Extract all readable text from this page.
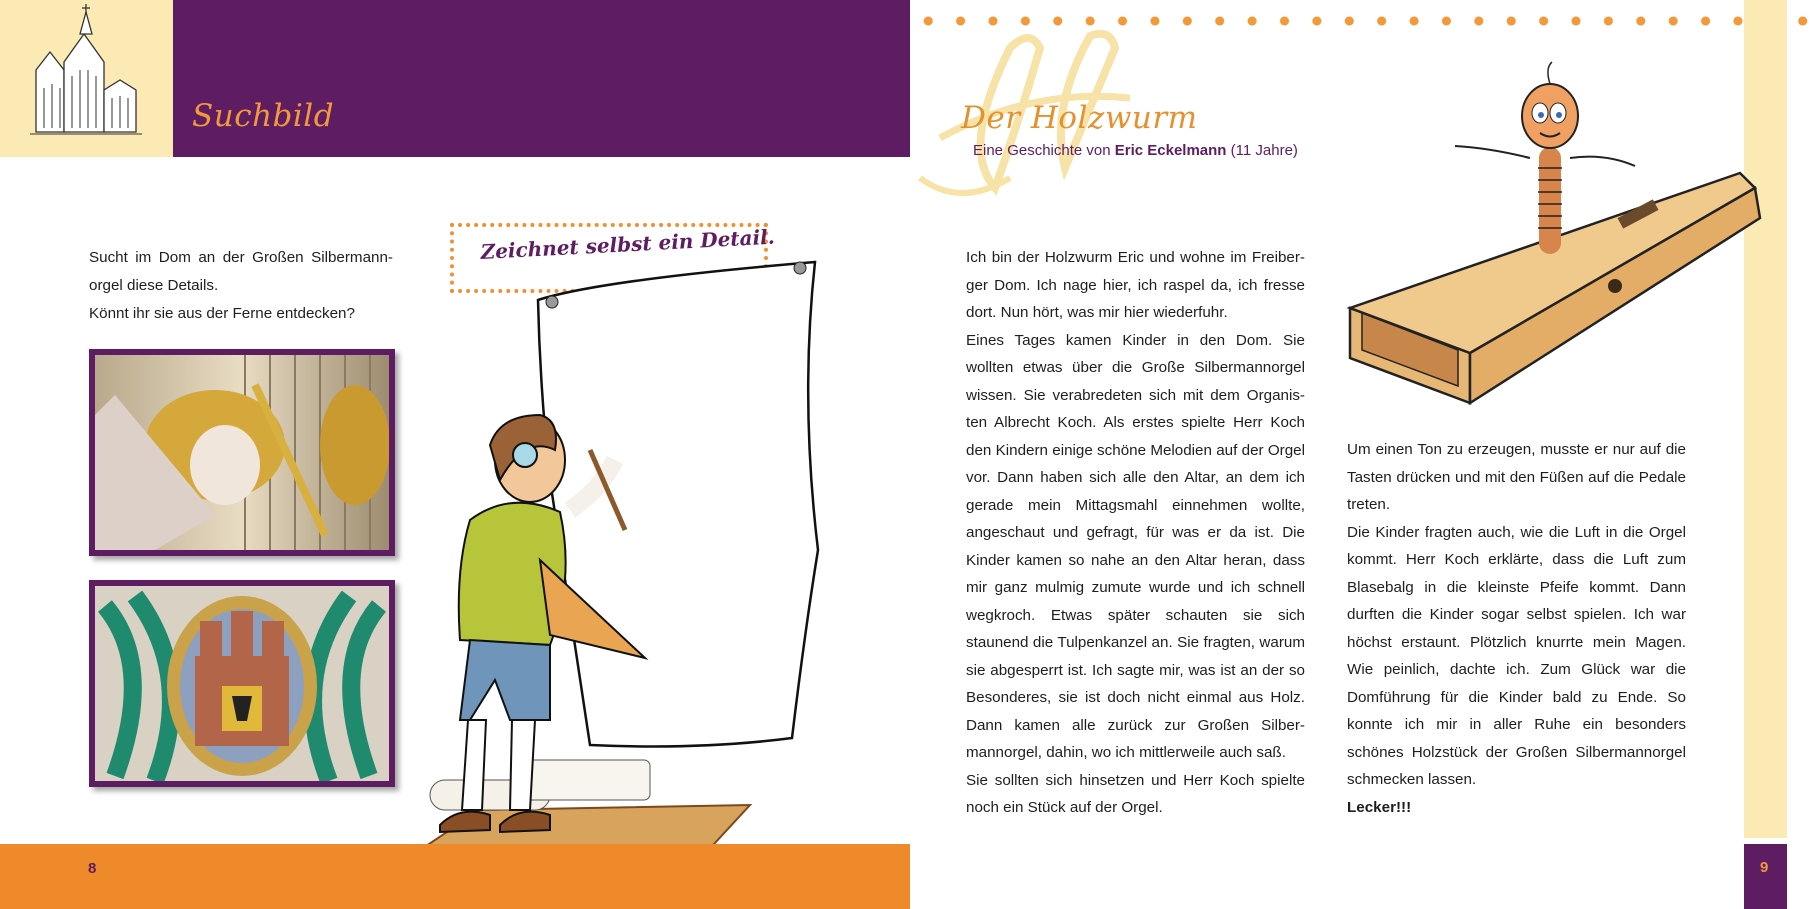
Suchbild

Sucht im Dom an der Großen Silbermann-orgel diese Details.

Könnt ihr sie aus der Ferne entdecken?

Zeichnet selbst ein Detail.
8
Der Holzwurm
Eine Geschichte von Eric Eckelmann (11 Jahre)

Ich bin der Holzwurm Eric und wohne im Freiber-ger Dom. Ich nage hier, ich raspel da, ich fresse dort. Nun hört, was mir hier wiederfuhr.

Eines Tages kamen Kinder in den Dom. Sie wollten etwas über die Große Silbermannorgel wissen. Sie verabredeten sich mit dem Organis-ten Albrecht Koch. Als erstes spielte Herr Koch den Kindern einige schöne Melodien auf der Orgel vor. Dann haben sich alle den Altar, an dem ich gerade mein Mittagsmahl einnehmen wollte, angeschaut und gefragt, für was er da ist. Die Kinder kamen so nahe an den Altar heran, dass mir ganz mulmig zumute wurde und ich schnell wegkroch. Etwas später schauten sie sich staunend die Tulpenkanzel an. Sie fragten, warum sie abgesperrt ist. Ich sagte mir, was ist an der so Besonderes, sie ist doch nicht einmal aus Holz. Dann kamen alle zurück zur Großen Silber-mannorgel, dahin, wo ich mittlerweile auch saß.

Sie sollten sich hinsetzen und Herr Koch spielte noch ein Stück auf der Orgel.

Um einen Ton zu erzeugen, musste er nur auf die Tasten drücken und mit den Füßen auf die Pedale treten.

Die Kinder fragten auch, wie die Luft in die Orgel kommt. Herr Koch erklärte, dass die Luft zum Blasebalg in die kleinste Pfeife kommt. Dann durften die Kinder sogar selbst spielen. Ich war höchst erstaunt. Plötzlich knurrte mein Magen. Wie peinlich, dachte ich. Zum Glück war die Domführung für die Kinder bald zu Ende. So konnte ich mir in aller Ruhe ein besonders schönes Holzstück der Großen Silbermannorgel schmecken lassen.

Lecker!!!

9
